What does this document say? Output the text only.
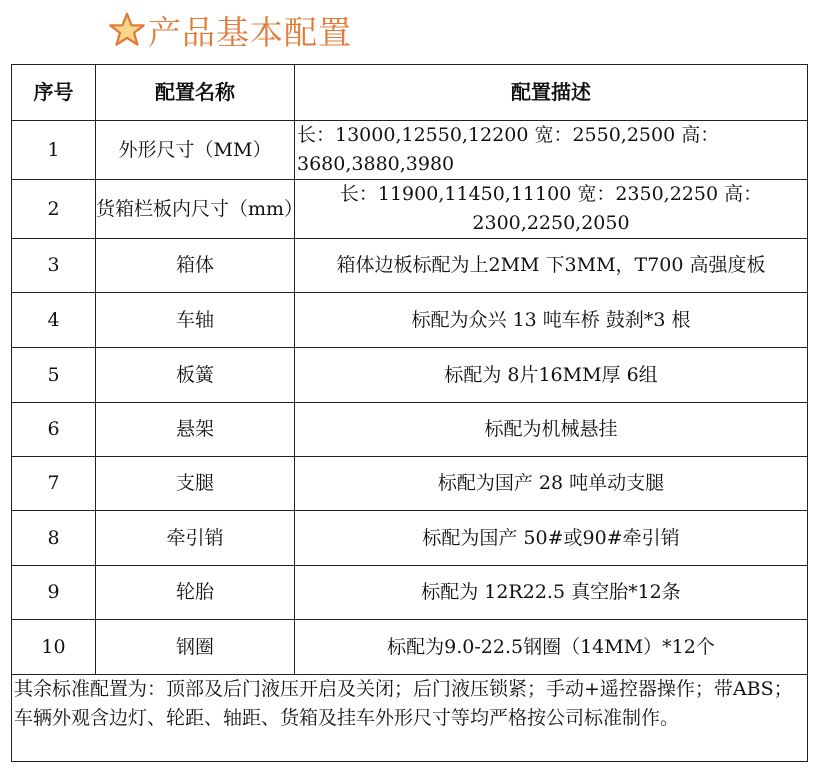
产品基本配置
序号	配置名称	配置描述
1	外形尺寸（MM）	长：13000,12550,12200 宽：2550,2500 高：3680,3880,3980
2	货箱栏板内尺寸（mm）	长：11900,11450,11100 宽：2350,2250 高：2300,2250,2050
3	箱体	箱体边板标配为上2MM 下3MM，T700 高强度板
4	车轴	标配为众兴 13 吨车桥 鼓刹*3 根
5	板簧	标配为 8片16MM厚 6组
6	悬架	标配为机械悬挂
7	支腿	标配为国产 28 吨单动支腿
8	牵引销	标配为国产 50#或90#牵引销
9	轮胎	标配为 12R22.5 真空胎*12条
10	钢圈	标配为9.0-22.5钢圈（14MM）*12个
其余标准配置为：顶部及后门液压开启及关闭；后门液压锁紧；手动+遥控器操作；带ABS；车辆外观含边灯、轮距、轴距、货箱及挂车外形尺寸等均严格按公司标准制作。
